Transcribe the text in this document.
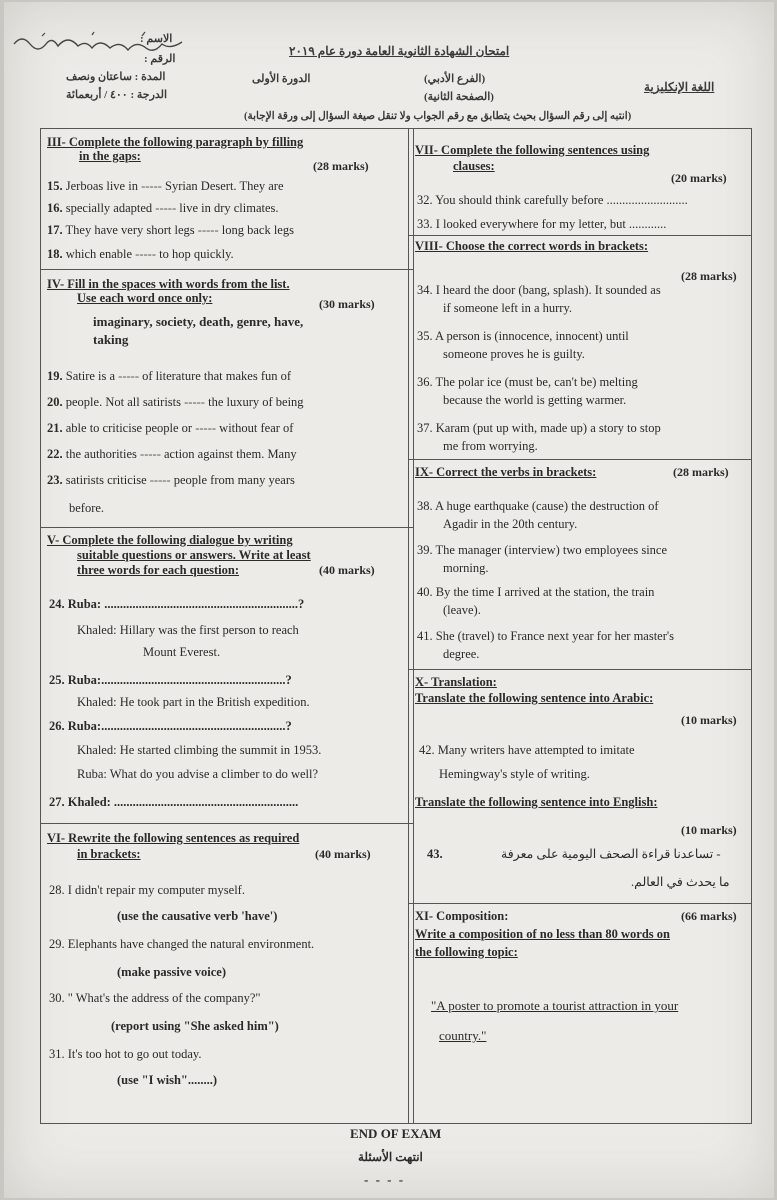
الاسم :
الرقم :
المدة : ساعتان ونصف
الدرجة : ٤٠٠ / أربعمائة
امتحان الشهادة الثانوية العامة دورة عام ٢٠١٩
الدورة الأولى	(الفرع الأدبي)
(الصفحة الثانية)
اللغة الإنكليزية
(انتبه إلى رقم السؤال بحيث يتطابق مع رقم الجواب ولا تنقل صيغة السؤال إلى ورقة الإجابة)
III- Complete the following paragraph by filling
in the gaps:
(28 marks)
15. Jerboas live in ----- Syrian Desert. They are
16. specially adapted ----- live in dry climates.
17. They have very short legs ----- long back legs
18. which enable ----- to hop quickly.
IV- Fill in the spaces with words from the list.
Use each word once only:	(30 marks)
imaginary, society, death, genre, have,
taking
19. Satire is a ----- of literature that makes fun of
20. people. Not all satirists ----- the luxury of being
21. able to criticise people or ----- without fear of
22. the authorities ----- action against them. Many
23. satirists criticise ----- people from many years
before.
V- Complete the following dialogue by writing
suitable questions or answers. Write at least
three words for each question:	(40 marks)
24. Ruba: ..............................................................?
Khaled: Hillary was the first person to reach
Mount Everest.
25. Ruba:...........................................................?
Khaled: He took part in the British expedition.
26. Ruba:...........................................................?
Khaled: He started climbing the summit in 1953.
Ruba: What do you advise a climber to do well?
27. Khaled: ...........................................................
VI- Rewrite the following sentences as required
in brackets:	(40 marks)
28. I didn't repair my computer myself.
(use the causative verb 'have')
29. Elephants have changed the natural environment.
(make passive voice)
30. " What's the address of the company?"
(report using "She asked him")
31. It's too hot to go out today.
(use "I wish"........)
VII- Complete the following sentences using
clauses:
(20 marks)
32. You should think carefully before ..........................
33. I looked everywhere for my letter, but ............
VIII- Choose the correct words in brackets:
(28 marks)
34. I heard the door (bang, splash). It sounded as
if someone left in a hurry.
35. A person is (innocence, innocent) until
someone proves he is guilty.
36. The polar ice (must be, can't be) melting
because the world is getting warmer.
37. Karam (put up with, made up) a story to stop
me from worrying.
IX- Correct the verbs in brackets:	(28 marks)
38. A huge earthquake (cause) the destruction of
Agadir in the 20th century.
39. The manager (interview) two employees since
morning.
40. By the time I arrived at the station, the train
(leave).
41. She (travel) to France next year for her master's
degree.
X- Translation:
Translate the following sentence into Arabic:
(10 marks)
42. Many writers have attempted to imitate
Hemingway's style of writing.
Translate the following sentence into English:
(10 marks)
43.	- تساعدنا قراءة الصحف اليومية على معرفة
ما يحدث في العالم.
XI- Composition:	(66 marks)
Write a composition of no less than 80 words on
the following topic:
"A poster to promote a tourist attraction in your
country."
END OF EXAM
انتهت الأسئلة
- - - -
